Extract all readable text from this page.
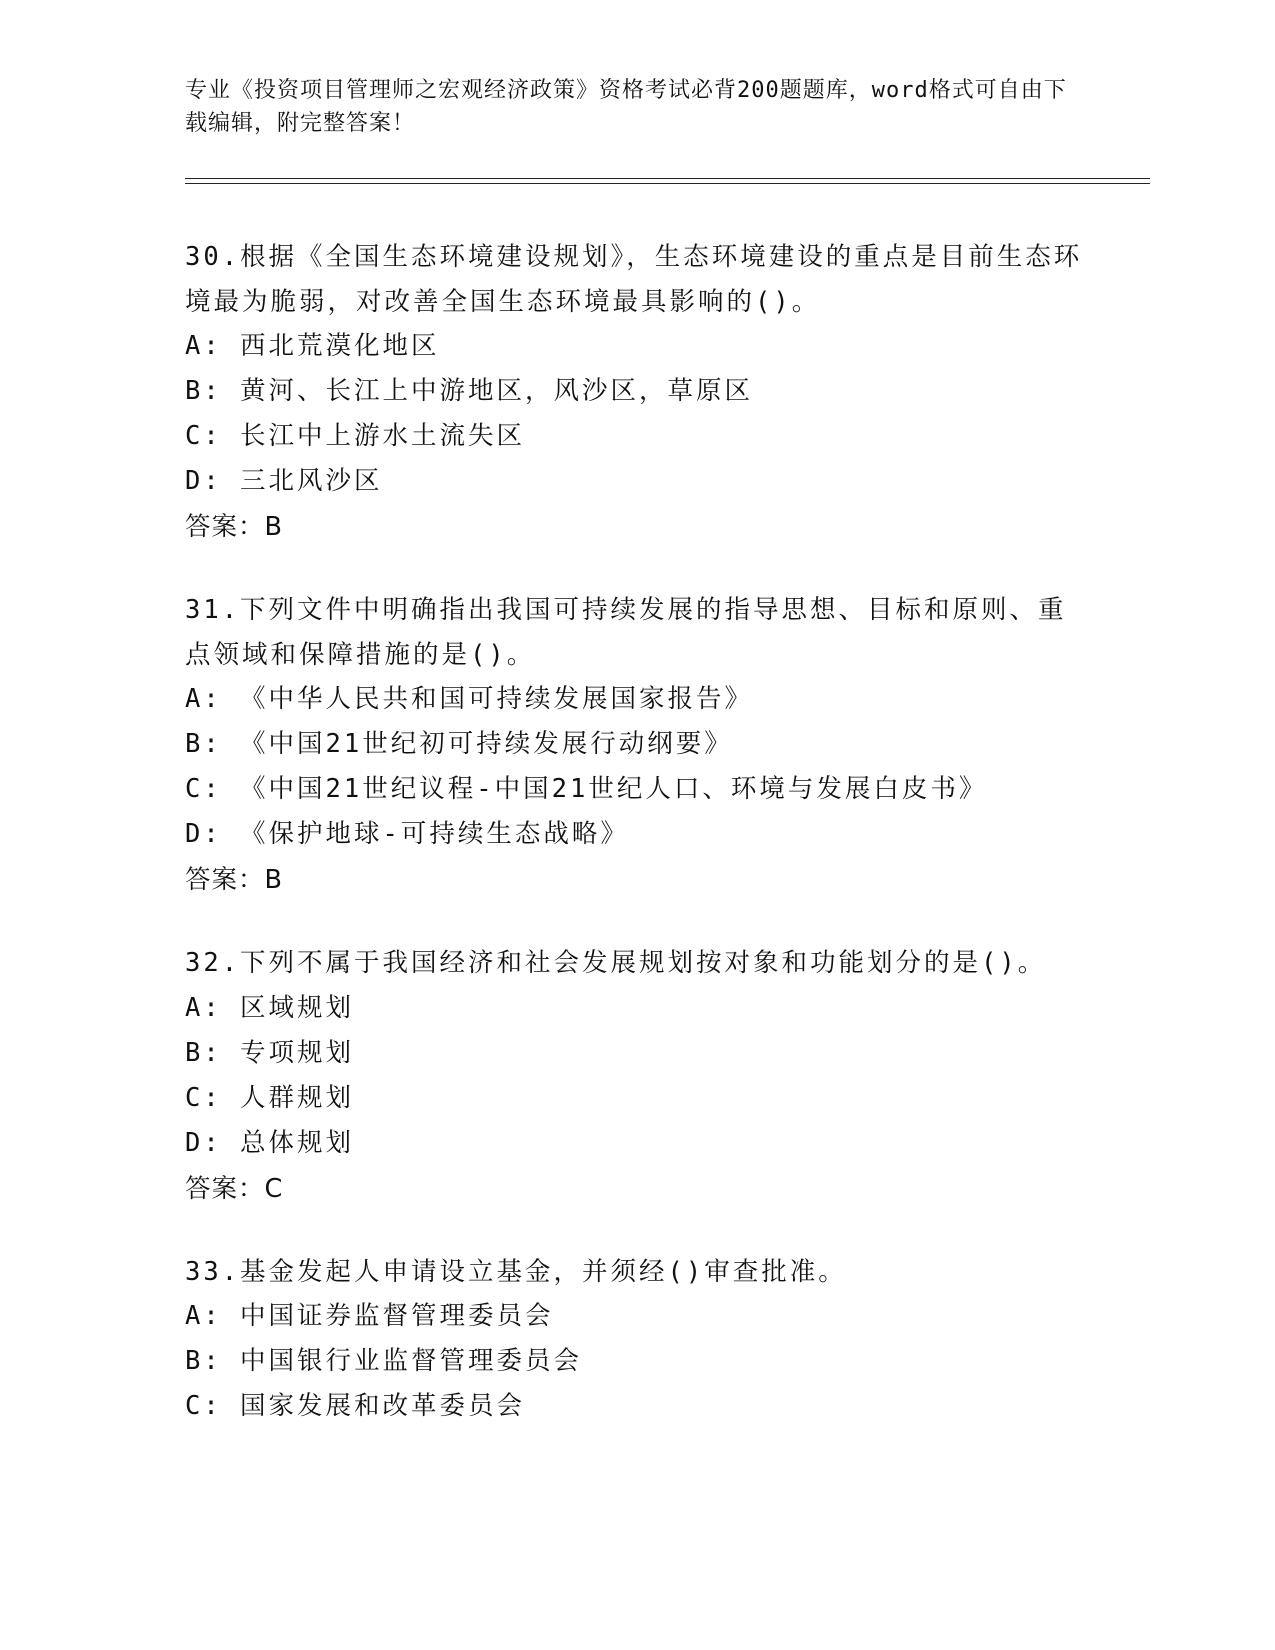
专业《投资项目管理师之宏观经济政策》资格考试必背200题题库，word格式可自由下载编辑，附完整答案！
30.根据《全国生态环境建设规划》，生态环境建设的重点是目前生态环境最为脆弱，对改善全国生态环境最具影响的()。
A: 西北荒漠化地区
B: 黄河、长江上中游地区，风沙区，草原区
C: 长江中上游水土流失区
D: 三北风沙区
答案：B
31.下列文件中明确指出我国可持续发展的指导思想、目标和原则、重点领域和保障措施的是()。
A: 《中华人民共和国可持续发展国家报告》
B: 《中国21世纪初可持续发展行动纲要》
C: 《中国21世纪议程-中国21世纪人口、环境与发展白皮书》
D: 《保护地球-可持续生态战略》
答案：B
32.下列不属于我国经济和社会发展规划按对象和功能划分的是()。
A: 区域规划
B: 专项规划
C: 人群规划
D: 总体规划
答案：C
33.基金发起人申请设立基金，并须经()审查批准。
A: 中国证券监督管理委员会
B: 中国银行业监督管理委员会
C: 国家发展和改革委员会
